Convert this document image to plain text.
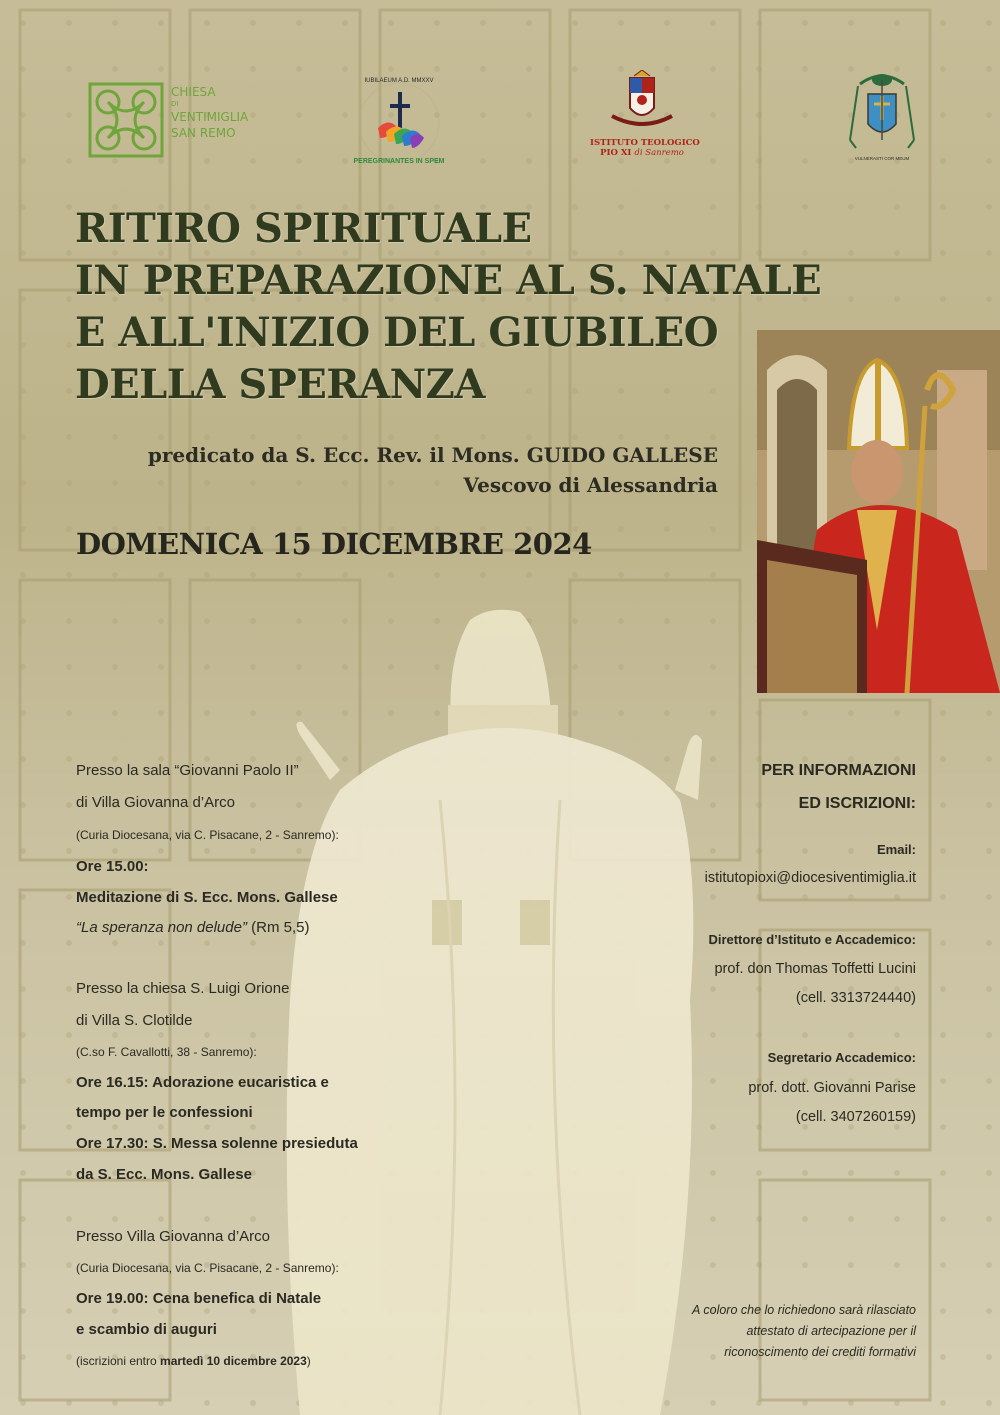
CHIESA
DI
VENTIMIGLIA
SAN REMO
IUBILAEUM A.D. MMXXV
PEREGRINANTES IN SPEM
ISTITUTO TEOLOGICO
PIO XI di Sanremo
VULNERASTI COR MEUM
RITIRO SPIRITUALE
IN PREPARAZIONE AL S. NATALE
E ALL'INIZIO DEL GIUBILEO
DELLA SPERANZA
predicato da S. Ecc. Rev. il Mons. GUIDO GALLESE
Vescovo di Alessandria
DOMENICA 15 DICEMBRE 2024
Presso la sala “Giovanni Paolo II”
di Villa Giovanna d’Arco
(Curia Diocesana, via C. Pisacane, 2 - Sanremo):
Ore 15.00:
Meditazione di S. Ecc. Mons. Gallese
“La speranza non delude” (Rm 5,5)
Presso la chiesa S. Luigi Orione
di Villa S. Clotilde
(C.so F. Cavallotti, 38 - Sanremo):
Ore 16.15: Adorazione eucaristica e
tempo per le confessioni
Ore 17.30: S. Messa solenne presieduta
da S. Ecc. Mons. Gallese
Presso Villa Giovanna d’Arco
(Curia Diocesana, via C. Pisacane, 2 - Sanremo):
Ore 19.00: Cena benefica di Natale
e scambio di auguri
(iscrizioni entro martedì 10 dicembre 2023)
PER INFORMAZIONI
ED ISCRIZIONI:
Email:
istitutopioxi@diocesiventimiglia.it
Direttore d’Istituto e Accademico:
prof. don Thomas Toffetti Lucini
(cell. 3313724440)
Segretario Accademico:
prof. dott. Giovanni Parise
(cell. 3407260159)
A coloro che lo richiedono sarà rilasciato
attestato di artecipazione per il
riconoscimento dei crediti formativi
